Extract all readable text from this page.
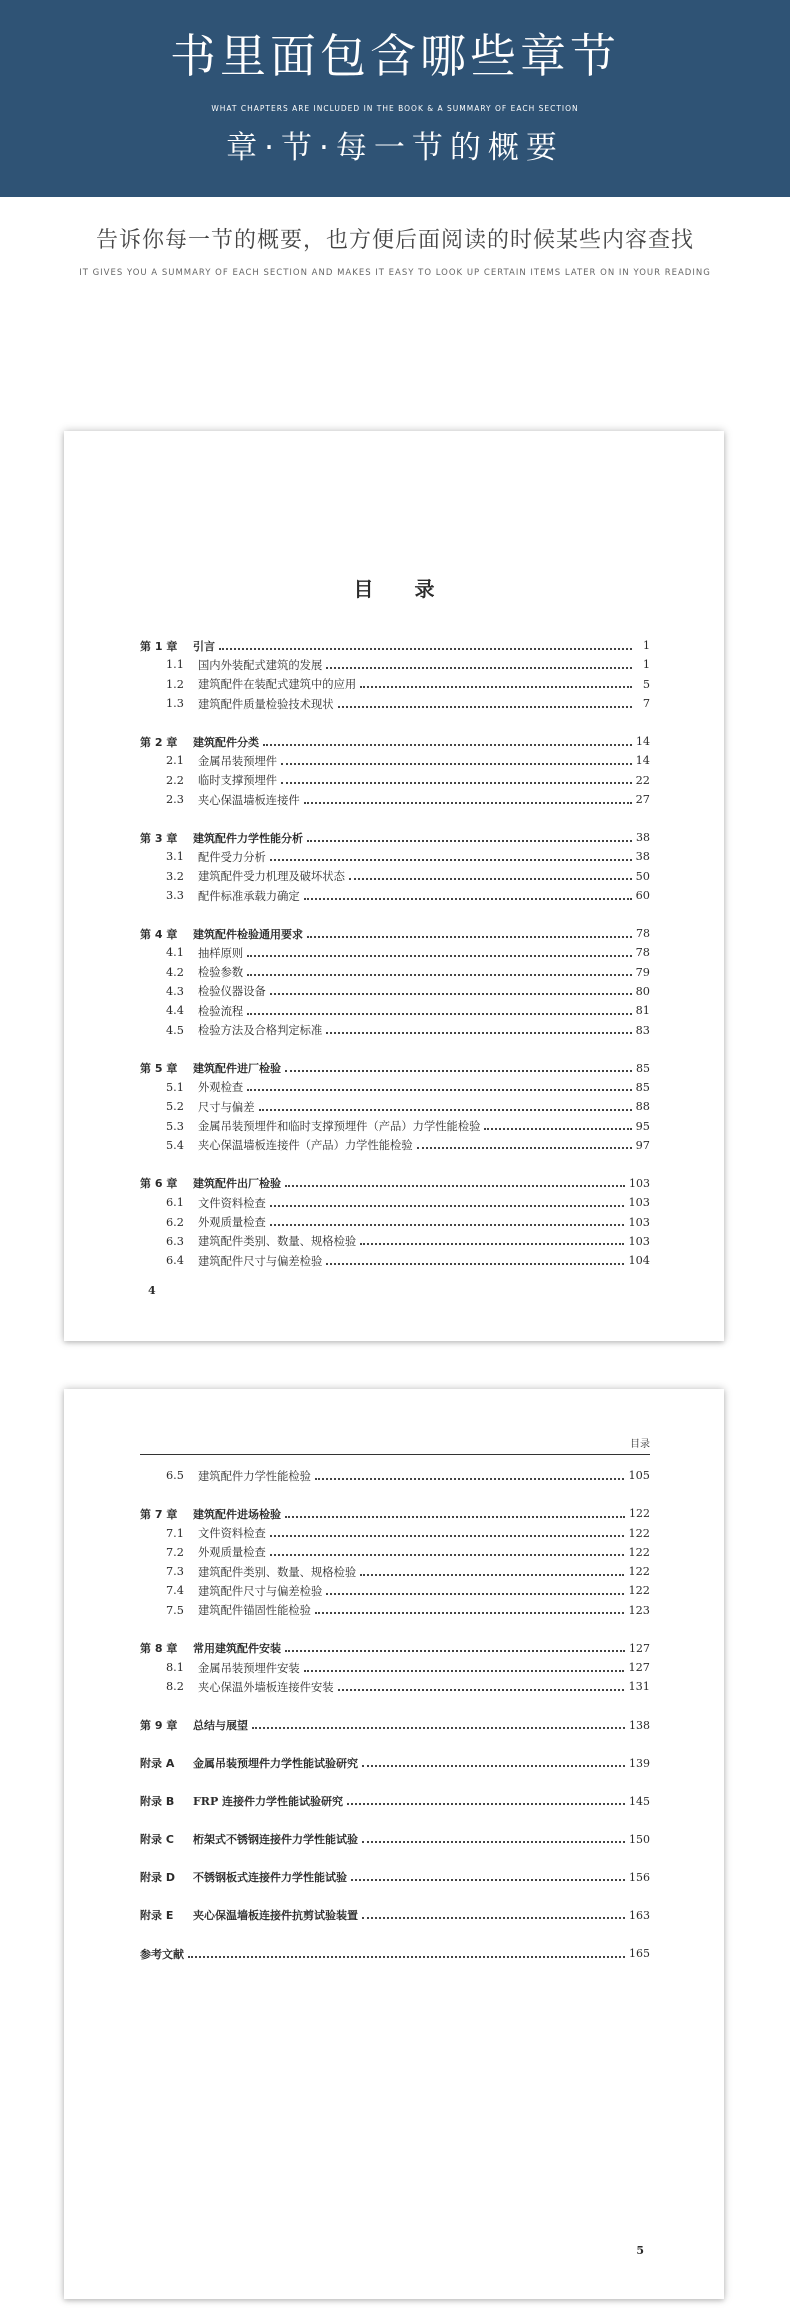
书里面包含哪些章节
WHAT CHAPTERS ARE INCLUDED IN THE BOOK & A SUMMARY OF EACH SECTION
章·节·每一节的概要
告诉你每一节的概要，也方便后面阅读的时候某些内容查找
IT GIVES YOU A SUMMARY OF EACH SECTION AND MAKES IT EASY TO LOOK UP CERTAIN ITEMS LATER ON IN YOUR READING
目 录
第 1 章	引言	1
1.1	国内外装配式建筑的发展	1
1.2	建筑配件在装配式建筑中的应用	5
1.3	建筑配件质量检验技术现状	7
第 2 章	建筑配件分类	14
2.1	金属吊装预埋件	14
2.2	临时支撑预埋件	22
2.3	夹心保温墙板连接件	27
第 3 章	建筑配件力学性能分析	38
3.1	配件受力分析	38
3.2	建筑配件受力机理及破坏状态	50
3.3	配件标准承载力确定	60
第 4 章	建筑配件检验通用要求	78
4.1	抽样原则	78
4.2	检验参数	79
4.3	检验仪器设备	80
4.4	检验流程	81
4.5	检验方法及合格判定标准	83
第 5 章	建筑配件进厂检验	85
5.1	外观检查	85
5.2	尺寸与偏差	88
5.3	金属吊装预埋件和临时支撑预埋件（产品）力学性能检验	95
5.4	夹心保温墙板连接件（产品）力学性能检验	97
第 6 章	建筑配件出厂检验	103
6.1	文件资料检查	103
6.2	外观质量检查	103
6.3	建筑配件类别、数量、规格检验	103
6.4	建筑配件尺寸与偏差检验	104
4
目录
6.5	建筑配件力学性能检验	105
第 7 章	建筑配件进场检验	122
7.1	文件资料检查	122
7.2	外观质量检查	122
7.3	建筑配件类别、数量、规格检验	122
7.4	建筑配件尺寸与偏差检验	122
7.5	建筑配件锚固性能检验	123
第 8 章	常用建筑配件安装	127
8.1	金属吊装预埋件安装	127
8.2	夹心保温外墙板连接件安装	131
第 9 章	总结与展望	138
附录 A	金属吊装预埋件力学性能试验研究	139
附录 B	FRP 连接件力学性能试验研究	145
附录 C	桁架式不锈钢连接件力学性能试验	150
附录 D	不锈钢板式连接件力学性能试验	156
附录 E	夹心保温墙板连接件抗剪试验装置	163
参考文献	165
5
